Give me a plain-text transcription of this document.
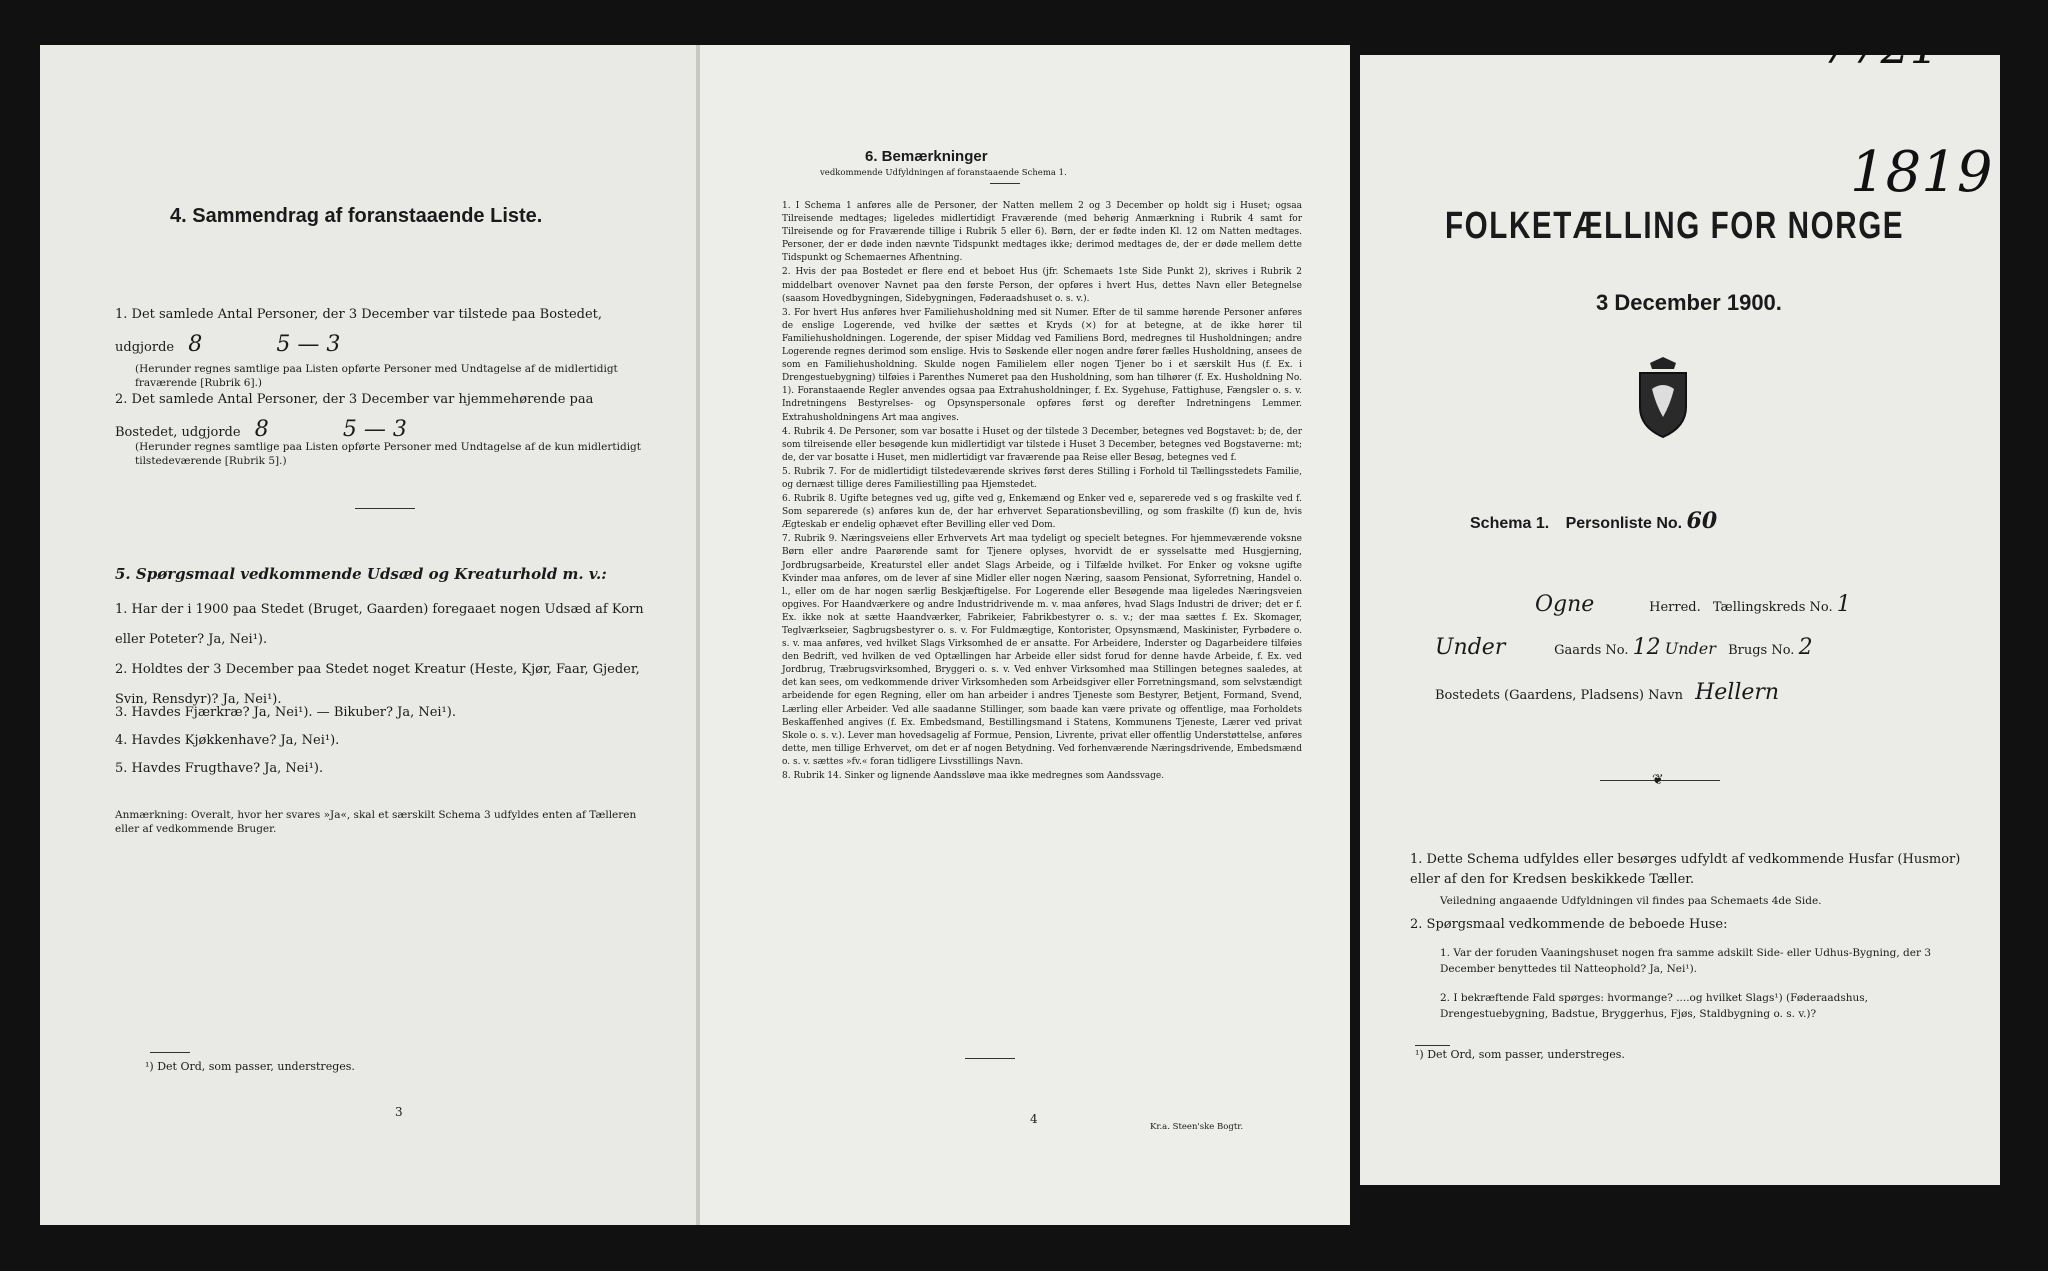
4. Sammendrag af foranstaaende Liste.
1. Det samlede Antal Personer, der 3 December var tilstede paa Bostedet,
udgjorde 8	5 — 3
(Herunder regnes samtlige paa Listen opførte Personer med Undtagelse af de midlertidigt fraværende [Rubrik 6].)
2. Det samlede Antal Personer, der 3 December var hjemmehørende paa
Bostedet, udgjorde 8	5 — 3
(Herunder regnes samtlige paa Listen opførte Personer med Undtagelse af de kun midlertidigt tilstedeværende [Rubrik 5].)
5. Spørgsmaal vedkommende Udsæd og Kreaturhold m. v.:
1. Har der i 1900 paa Stedet (Bruget, Gaarden) foregaaet nogen Udsæd af Korn eller Poteter? Ja, Nei¹).
2. Holdtes der 3 December paa Stedet noget Kreatur (Heste, Kjør, Faar, Gjeder, Svin, Rensdyr)? Ja, Nei¹).
3. Havdes Fjærkræ? Ja, Nei¹). — Bikuber? Ja, Nei¹).
4. Havdes Kjøkkenhave? Ja, Nei¹).
5. Havdes Frugthave? Ja, Nei¹).
Anmærkning: Overalt, hvor her svares »Ja«, skal et særskilt Schema 3 udfyldes enten af Tælleren eller af vedkommende Bruger.
¹) Det Ord, som passer, understreges.
3
6. Bemærkninger
vedkommende Udfyldningen af foranstaaende Schema 1.
1. I Schema 1 anføres alle de Personer, der Natten mellem 2 og 3 December op holdt sig i Huset; ogsaa Tilreisende medtages; ligeledes midlertidigt Fraværende (med behørig Anmærkning i Rubrik 4 samt for Tilreisende og for Fraværende tillige i Rubrik 5 eller 6). Børn, der er fødte inden Kl. 12 om Natten medtages. Personer, der er døde inden nævnte Tidspunkt medtages ikke; derimod medtages de, der er døde mellem dette Tidspunkt og Schemaernes Afhentning.
2. Hvis der paa Bostedet er flere end et beboet Hus (jfr. Schemaets 1ste Side Punkt 2), skrives i Rubrik 2 middelbart ovenover Navnet paa den første Person, der opføres i hvert Hus, dettes Navn eller Betegnelse (saasom Hovedbygningen, Sidebygningen, Føderaadshuset o. s. v.).
3. For hvert Hus anføres hver Familiehusholdning med sit Numer. Efter de til samme hørende Personer anføres de enslige Logerende, ved hvilke der sættes et Kryds (×) for at betegne, at de ikke hører til Familiehusholdningen. Logerende, der spiser Middag ved Familiens Bord, medregnes til Husholdningen; andre Logerende regnes derimod som enslige. Hvis to Søskende eller nogen andre fører fælles Husholdning, ansees de som en Familiehusholdning. Skulde nogen Familielem eller nogen Tjener bo i et særskilt Hus (f. Ex. i Drengestuebygning) tilføies i Parenthes Numeret paa den Husholdning, som han tilhører (f. Ex. Husholdning No. 1). Foranstaaende Regler anvendes ogsaa paa Extrahusholdninger, f. Ex. Sygehuse, Fattighuse, Fængsler o. s. v. Indretningens Bestyrelses- og Opsynspersonale opføres først og derefter Indretningens Lemmer. Extrahusholdningens Art maa angives.
4. Rubrik 4. De Personer, som var bosatte i Huset og der tilstede 3 December, betegnes ved Bogstavet: b; de, der som tilreisende eller besøgende kun midlertidigt var tilstede i Huset 3 December, betegnes ved Bogstaverne: mt; de, der var bosatte i Huset, men midlertidigt var fraværende paa Reise eller Besøg, betegnes ved f.
5. Rubrik 7. For de midlertidigt tilstedeværende skrives først deres Stilling i Forhold til Tællingsstedets Familie, og dernæst tillige deres Familiestilling paa Hjemstedet.
6. Rubrik 8. Ugifte betegnes ved ug, gifte ved g, Enkemænd og Enker ved e, separerede ved s og fraskilte ved f. Som separerede (s) anføres kun de, der har erhvervet Separationsbevilling, og som fraskilte (f) kun de, hvis Ægteskab er endelig ophævet efter Bevilling eller ved Dom.
7. Rubrik 9. Næringsveiens eller Erhvervets Art maa tydeligt og specielt betegnes. For hjemmeværende voksne Børn eller andre Paarørende samt for Tjenere oplyses, hvorvidt de er sysselsatte med Husgjerning, Jordbrugsarbeide, Kreaturstel eller andet Slags Arbeide, og i Tilfælde hvilket. For Enker og voksne ugifte Kvinder maa anføres, om de lever af sine Midler eller nogen Næring, saasom Pensionat, Syforretning, Handel o. l., eller om de har nogen særlig Beskjæftigelse. For Logerende eller Besøgende maa ligeledes Næringsveien opgives. For Haandværkere og andre Industridrivende m. v. maa anføres, hvad Slags Industri de driver; det er f. Ex. ikke nok at sætte Haandværker, Fabrikeier, Fabrikbestyrer o. s. v.; der maa sættes f. Ex. Skomager, Teglværkseier, Sagbrugsbestyrer o. s. v. For Fuldmægtige, Kontorister, Opsynsmænd, Maskinister, Fyrbødere o. s. v. maa anføres, ved hvilket Slags Virksomhed de er ansatte. For Arbeidere, Inderster og Dagarbeidere tilføies den Bedrift, ved hvilken de ved Optællingen har Arbeide eller sidst forud for denne havde Arbeide, f. Ex. ved Jordbrug, Træbrugsvirksomhed, Bryggeri o. s. v. Ved enhver Virksomhed maa Stillingen betegnes saaledes, at det kan sees, om vedkommende driver Virksomheden som Arbeidsgiver eller Forretningsmand, som selvstændigt arbeidende for egen Regning, eller om han arbeider i andres Tjeneste som Bestyrer, Betjent, Formand, Svend, Lærling eller Arbeider. Ved alle saadanne Stillinger, som baade kan være private og offentlige, maa Forholdets Beskaffenhed angives (f. Ex. Embedsmand, Bestillingsmand i Statens, Kommunens Tjeneste, Lærer ved privat Skole o. s. v.). Lever man hovedsagelig af Formue, Pension, Livrente, privat eller offentlig Understøttelse, anføres dette, men tillige Erhvervet, om det er af nogen Betydning. Ved forhenværende Næringsdrivende, Embedsmænd o. s. v. sættes »fv.« foran tidligere Livsstillings Navn.
8. Rubrik 14. Sinker og lignende Aandssløve maa ikke medregnes som Aandssvage.
4
Kr.a. Steen'ske Bogtr.
7721
1819
FOLKETÆLLING FOR NORGE
3 December 1900.
Schema 1. Personliste No. 60
Ogne	Herred. Tællingskreds No. 1
Under	Gaards No. 12 Under Brugs No. 2
Bostedets (Gaardens, Pladsens) Navn Hellern
❦
1. Dette Schema udfyldes eller besørges udfyldt af vedkommende Husfar (Husmor) eller af den for Kredsen beskikkede Tæller.
Veiledning angaaende Udfyldningen vil findes paa Schemaets 4de Side.
2. Spørgsmaal vedkommende de beboede Huse:
1. Var der foruden Vaaningshuset nogen fra samme adskilt Side- eller Udhus-Bygning, der 3 December benyttedes til Natteophold? Ja, Nei¹).
2. I bekræftende Fald spørges: hvormange? ....og hvilket Slags¹) (Føderaadshus, Drengestuebygning, Badstue, Bryggerhus, Fjøs, Staldbygning o. s. v.)?
¹) Det Ord, som passer, understreges.
